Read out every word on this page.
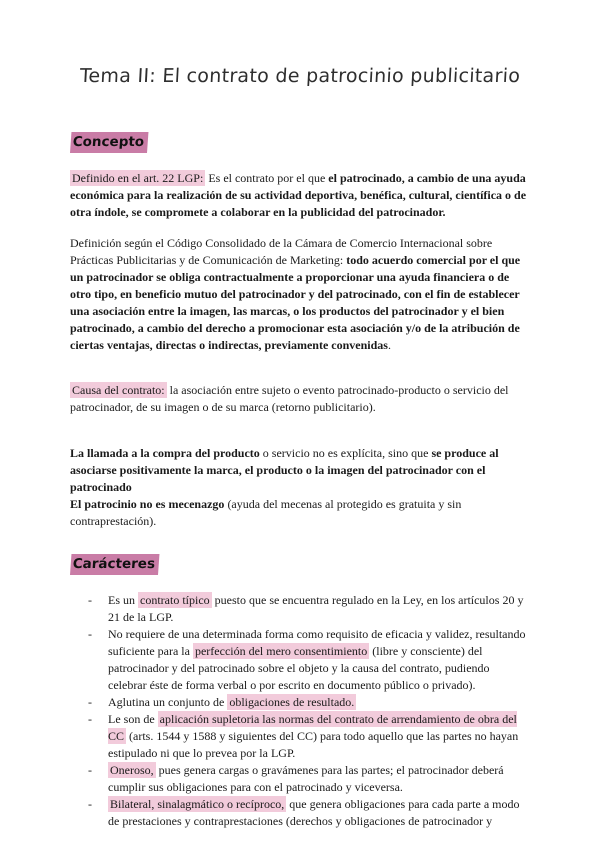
Tema II: El contrato de patrocinio publicitario
Concepto

Definido en el art. 22 LGP: Es el contrato por el que el patrocinado, a cambio de una ayuda económica para la realización de su actividad deportiva, benéfica, cultural, científica o de otra índole, se compromete a colaborar en la publicidad del patrocinador.

Definición según el Código Consolidado de la Cámara de Comercio Internacional sobre Prácticas Publicitarias y de Comunicación de Marketing: todo acuerdo comercial por el que un patrocinador se obliga contractualmente a proporcionar una ayuda financiera o de otro tipo, en beneficio mutuo del patrocinador y del patrocinado, con el fin de establecer una asociación entre la imagen, las marcas, o los productos del patrocinador y el bien patrocinado, a cambio del derecho a promocionar esta asociación y/o de la atribución de ciertas ventajas, directas o indirectas, previamente convenidas.

Causa del contrato: la asociación entre sujeto o evento patrocinado-producto o servicio del patrocinador, de su imagen o de su marca (retorno publicitario).

La llamada a la compra del producto o servicio no es explícita, sino que se produce al asociarse positivamente la marca, el producto o la imagen del patrocinador con el patrocinado

El patrocinio no es mecenazgo (ayuda del mecenas al protegido es gratuita y sin contraprestación).

Carácteres
-	Es un contrato típico puesto que se encuentra regulado en la Ley, en los artículos 20 y 21 de la LGP.
-	No requiere de una determinada forma como requisito de eficacia y validez, resultando suficiente para la perfección del mero consentimiento (libre y consciente) del patrocinador y del patrocinado sobre el objeto y la causa del contrato, pudiendo celebrar éste de forma verbal o por escrito en documento público o privado).
-	Aglutina un conjunto de obligaciones de resultado.
-	Le son de aplicación supletoria las normas del contrato de arrendamiento de obra del CC (arts. 1544 y 1588 y siguientes del CC) para todo aquello que las partes no hayan estipulado ni que lo prevea por la LGP.
-	Oneroso, pues genera cargas o gravámenes para las partes; el patrocinador deberá cumplir sus obligaciones para con el patrocinado y viceversa.
-	Bilateral, sinalagmático o recíproco, que genera obligaciones para cada parte a modo de prestaciones y contraprestaciones (derechos y obligaciones de patrocinador y
